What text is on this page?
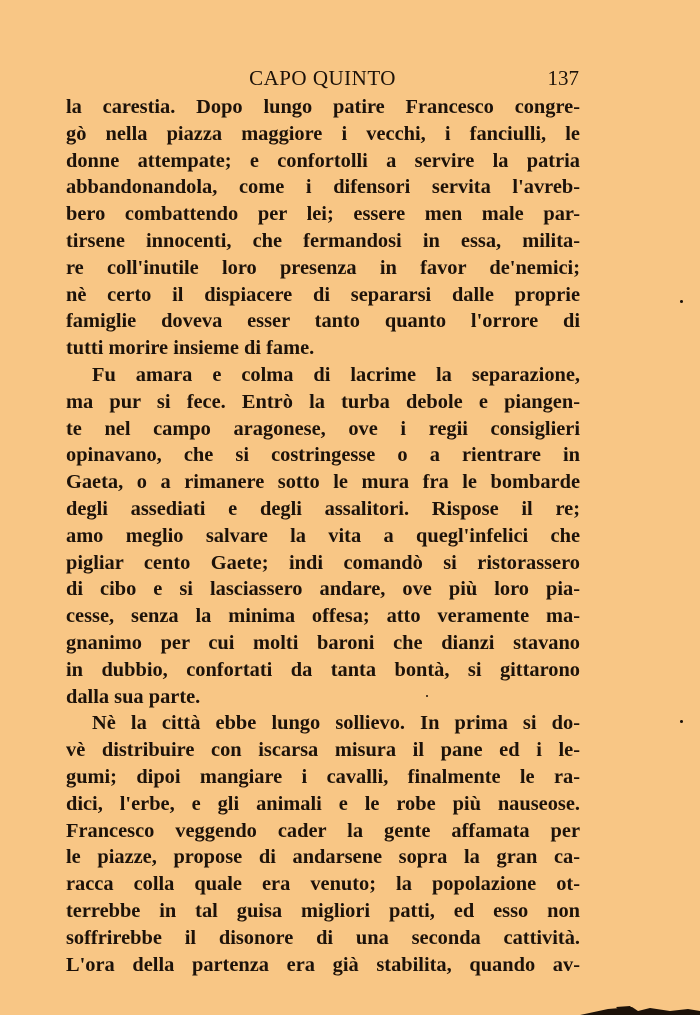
CAPO QUINTO	137
la carestia. Dopo lungo patire Francesco congre-
gò nella piazza maggiore i vecchi, i fanciulli, le
donne attempate; e confortolli a servire la patria
abbandonandola, come i difensori servita l'avreb-
bero combattendo per lei; essere men male par-
tirsene innocenti, che fermandosi in essa, milita-
re coll'inutile loro presenza in favor de'nemici;
nè certo il dispiacere di separarsi dalle proprie
famiglie doveva esser tanto quanto l'orrore di
tutti morire insieme di fame.
Fu amara e colma di lacrime la separazione,
ma pur si fece. Entrò la turba debole e piangen-
te nel campo aragonese, ove i regii consiglieri
opinavano, che si costringesse o a rientrare in
Gaeta, o a rimanere sotto le mura fra le bombarde
degli assediati e degli assalitori. Rispose il re;
amo meglio salvare la vita a quegl'infelici che
pigliar cento Gaete; indi comandò si ristorassero
di cibo e si lasciassero andare, ove più loro pia-
cesse, senza la minima offesa; atto veramente ma-
gnanimo per cui molti baroni che dianzi stavano
in dubbio, confortati da tanta bontà, si gittarono
dalla sua parte.
Nè la città ebbe lungo sollievo. In prima si do-
vè distribuire con iscarsa misura il pane ed i le-
gumi; dipoi mangiare i cavalli, finalmente le ra-
dici, l'erbe, e gli animali e le robe più nauseose.
Francesco veggendo cader la gente affamata per
le piazze, propose di andarsene sopra la gran ca-
racca colla quale era venuto; la popolazione ot-
terrebbe in tal guisa migliori patti, ed esso non
soffrirebbe il disonore di una seconda cattività.
L'ora della partenza era già stabilita, quando av-
